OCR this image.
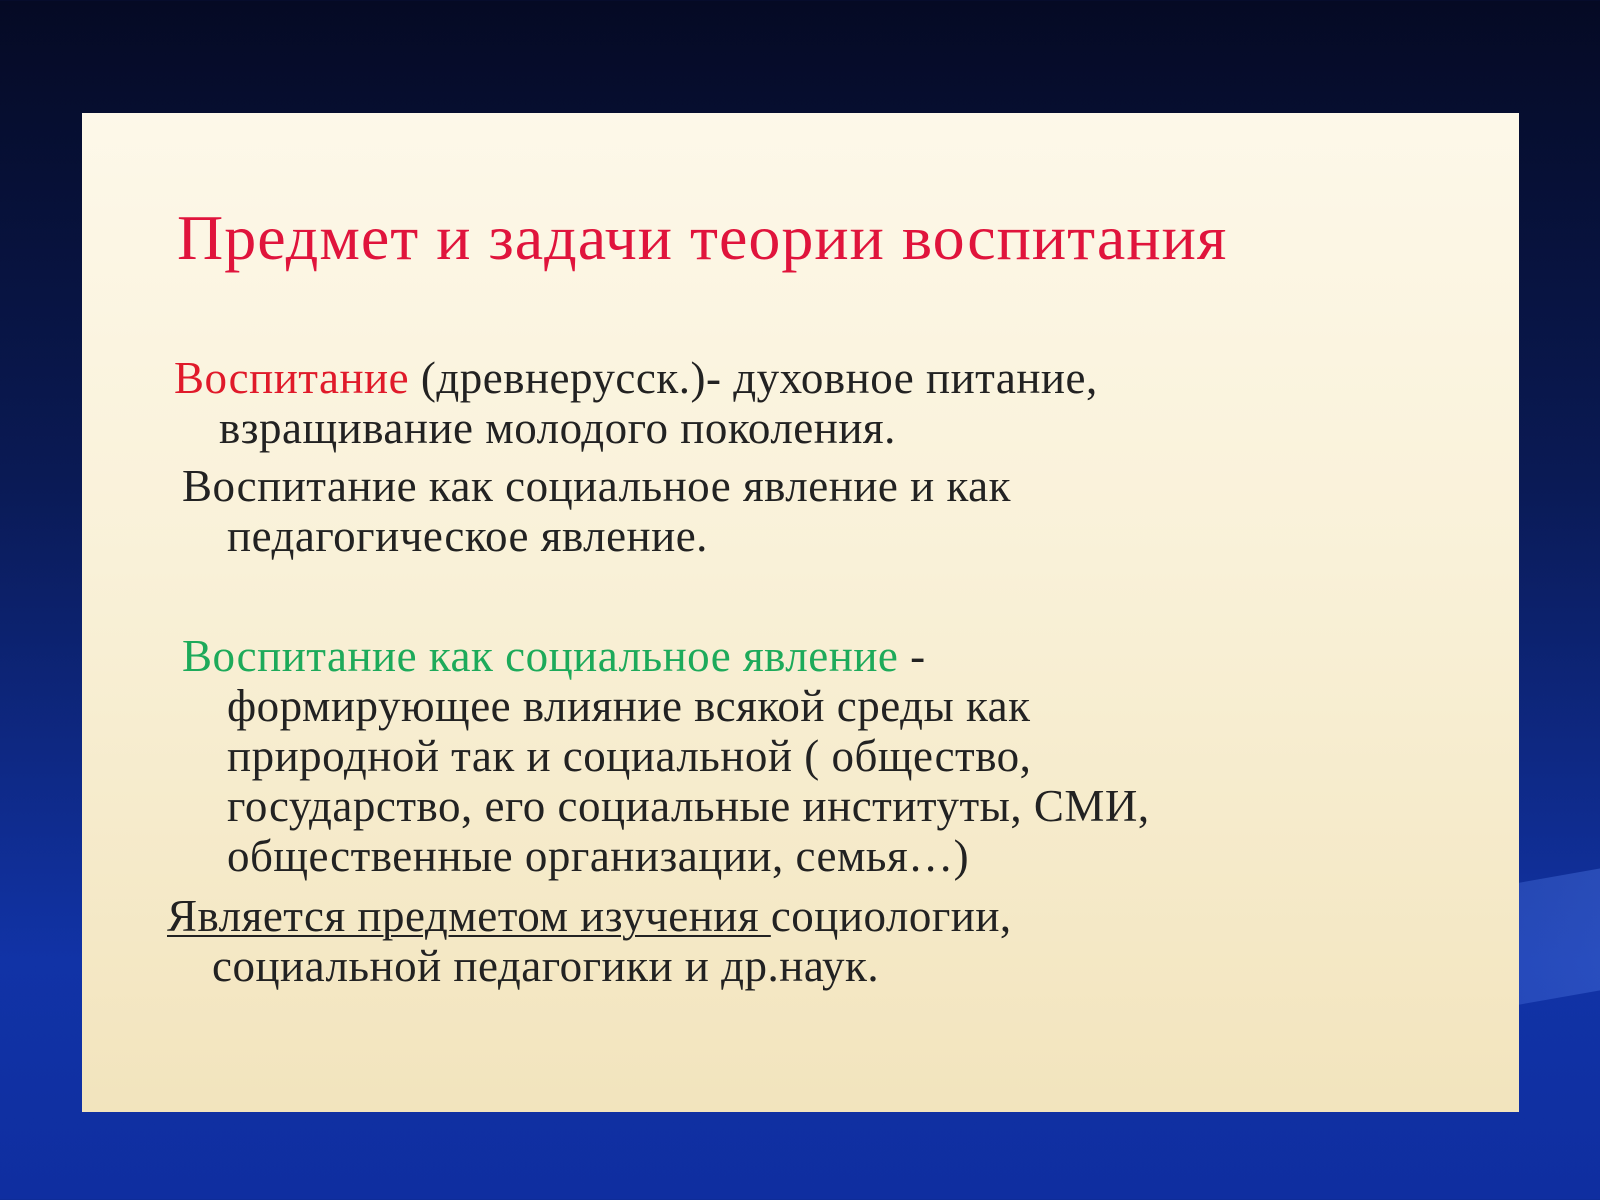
Предмет и задачи теории воспитания

Воспитание (древнерусск.)- духовное питание,
взращивание молодого поколения.

Воспитание как социальное явление и как
педагогическое явление.

Воспитание как социальное явление -
формирующее влияние всякой среды как
природной так и социальной ( общество,
государство, его социальные институты, СМИ,
общественные организации, семья…)

Является предметом изучения социологии,
социальной педагогики и др.наук.
